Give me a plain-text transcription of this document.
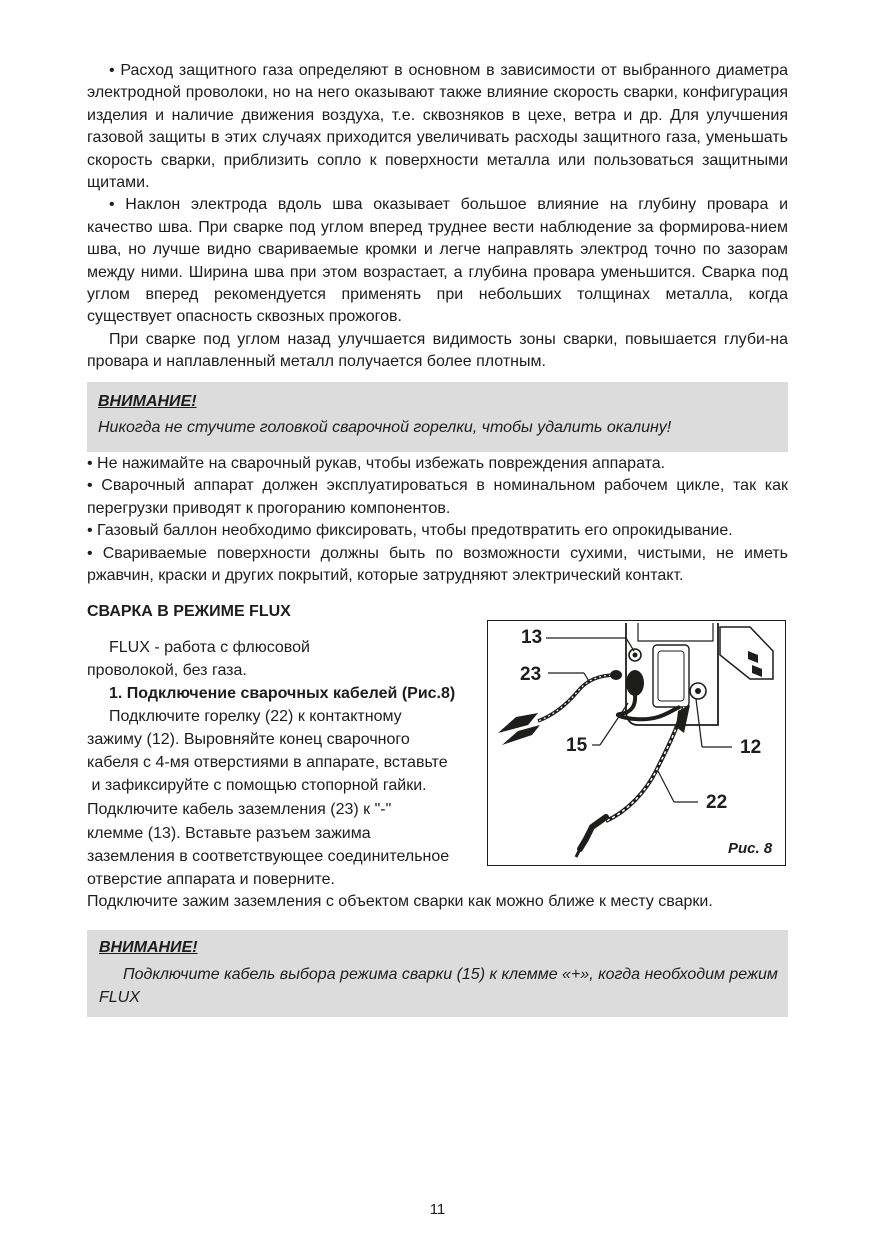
• Расход защитного газа определяют в основном в зависимости от выбранного диаметра электродной проволоки, но на него оказывают также влияние скорость сварки, конфигурация изделия и наличие движения воздуха, т.е. сквозняков в цехе, ветра и др. Для улучшения газовой защиты в этих случаях приходится увеличивать расходы защитного газа, уменьшать скорость сварки, приблизить сопло к поверхности металла или пользоваться защитными щитами.

• Наклон электрода вдоль шва оказывает большое влияние на глубину провара и качество шва. При сварке под углом вперед труднее вести наблюдение за формирова-нием шва, но лучше видно свариваемые кромки и легче направлять электрод точно по зазорам между ними. Ширина шва при этом возрастает, а глубина провара уменьшится. Сварка под углом вперед рекомендуется применять при небольших толщинах металла, когда существует опасность сквозных прожогов.

При сварке под углом назад улучшается видимость зоны сварки, повышается глуби-на провара и наплавленный металл получается более плотным.

ВНИМАНИЕ!
Никогда не стучите головкой сварочной горелки, чтобы удалить окалину!

• Не нажимайте на сварочный рукав, чтобы избежать повреждения аппарата.

• Сварочный аппарат должен эксплуатироваться в номинальном рабочем цикле, так как перегрузки приводят к прогоранию компонентов.

• Газовый баллон необходимо фиксировать, чтобы предотвратить его опрокидывание.

• Свариваемые поверхности должны быть по возможности сухими, чистыми, не иметь ржавчин, краски и других покрытий, которые затрудняют электрический контакт.

СВАРКА В РЕЖИМЕ FLUX
FLUX - работа с флюсовой
проволокой, без газа.
1. Подключение сварочных кабелей (Рис.8)
Подключите горелку (22) к контактному
зажиму (12). Выровняйте конец сварочного
кабеля с 4-мя отверстиями в аппарате, вставьте
и зафиксируйте с помощью стопорной гайки.
Подключите кабель заземления (23) к "-"
клемме (13). Вставьте разъем зажима
заземления в соответствующее соединительное
отверстие аппарата и поверните.
Подключите зажим заземления с объектом сварки как можно ближе к месту сварки.
13
23
15	12
22
Рис. 8
ВНИМАНИЕ!
Подключите кабель выбора режима сварки (15) к клемме «+», когда необходим режим FLUX
11
